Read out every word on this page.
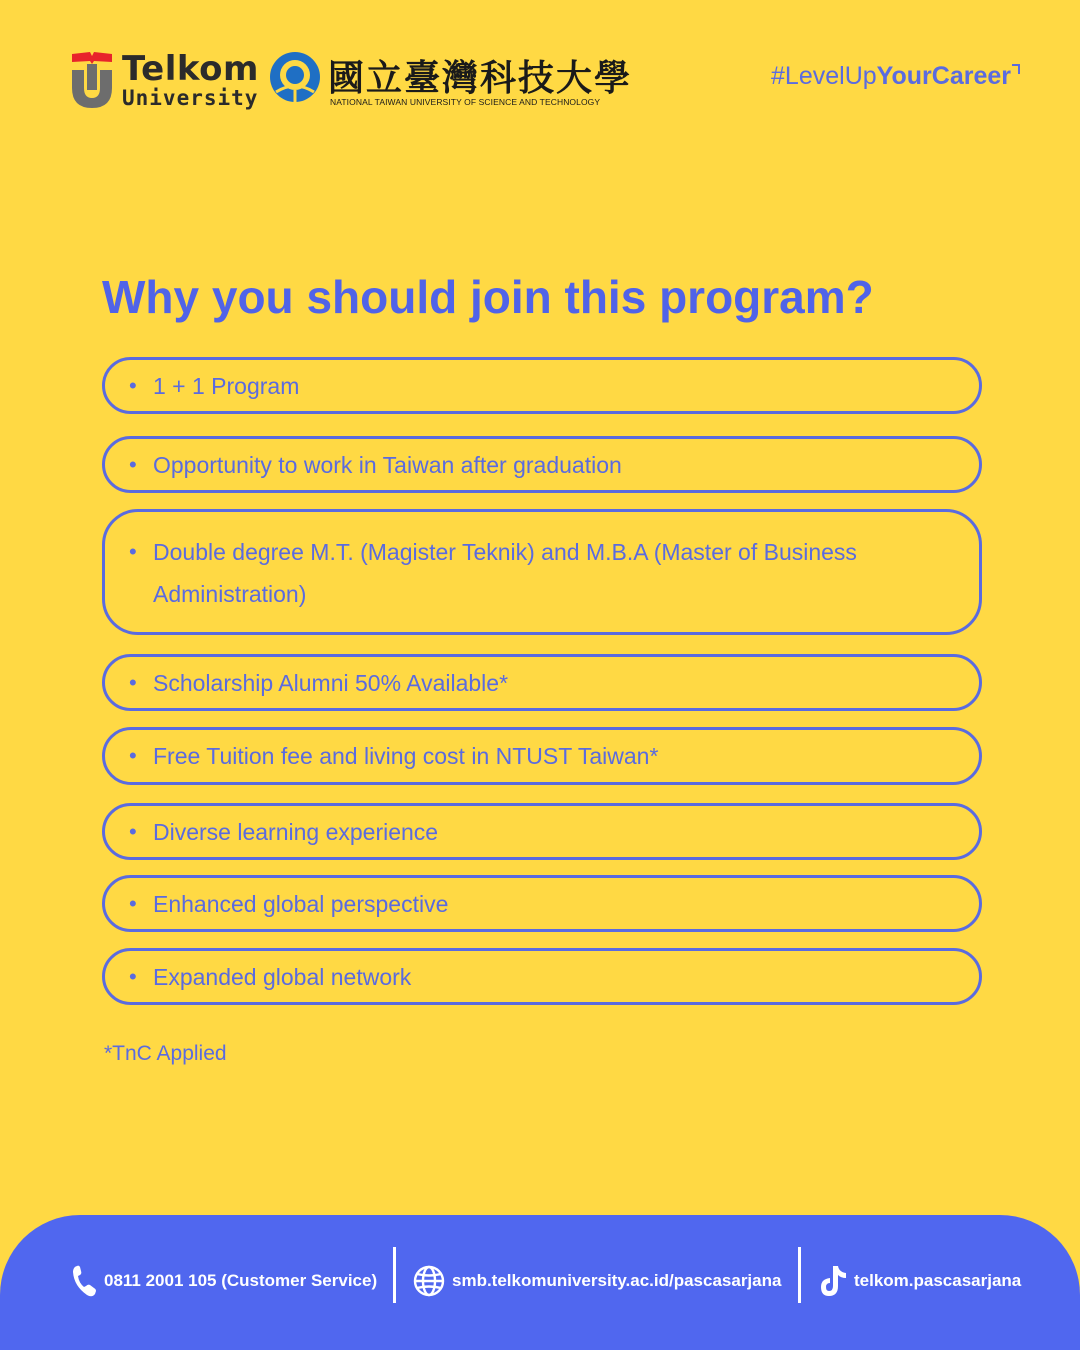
Telkom
University 國立臺灣科技大學
NATIONAL TAIWAN UNIVERSITY OF SCIENCE AND TECHNOLOGY
#LevelUpYourCareer
Why you should join this program?
• 1 + 1 Program
• Opportunity to work in Taiwan after graduation
• Double degree M.T. (Magister Teknik) and M.B.A (Master of Business Administration)
• Scholarship Alumni 50% Available*
• Free Tuition fee and living cost in NTUST Taiwan*
• Diverse learning experience
• Enhanced global perspective
• Expanded global network
*TnC Applied
0811 2001 105 (Customer Service)	smb.telkomuniversity.ac.id/pascasarjana	telkom.pascasarjana
